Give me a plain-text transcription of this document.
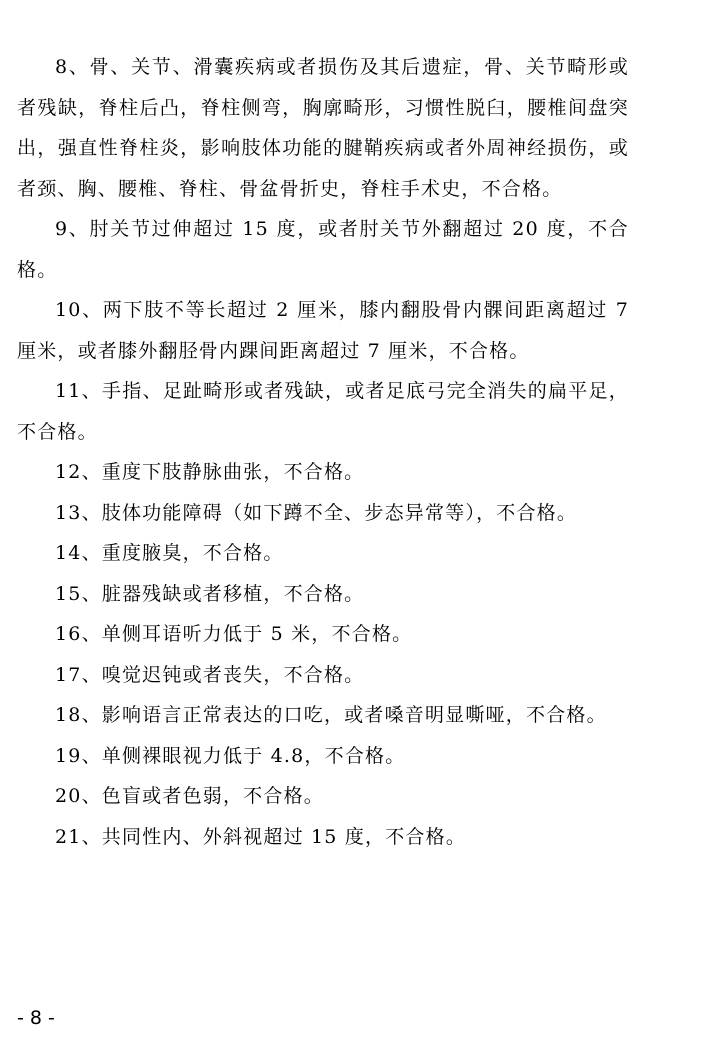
8、骨、关节、滑囊疾病或者损伤及其后遗症，骨、关节畸形或者残缺，脊柱后凸，脊柱侧弯，胸廓畸形，习惯性脱臼，腰椎间盘突出，强直性脊柱炎，影响肢体功能的腱鞘疾病或者外周神经损伤，或者颈、胸、腰椎、脊柱、骨盆骨折史，脊柱手术史，不合格。

9、肘关节过伸超过 15 度，或者肘关节外翻超过 20 度，不合格。

10、两下肢不等长超过 2 厘米，膝内翻股骨内髁间距离超过 7 厘米，或者膝外翻胫骨内踝间距离超过 7 厘米，不合格。

11、手指、足趾畸形或者残缺，或者足底弓完全消失的扁平足，不合格。

12、重度下肢静脉曲张，不合格。

13、肢体功能障碍（如下蹲不全、步态异常等），不合格。

14、重度腋臭，不合格。

15、脏器残缺或者移植，不合格。

16、单侧耳语听力低于 5 米，不合格。

17、嗅觉迟钝或者丧失，不合格。

18、影响语言正常表达的口吃，或者嗓音明显嘶哑，不合格。

19、单侧裸眼视力低于 4.8，不合格。

20、色盲或者色弱，不合格。

21、共同性内、外斜视超过 15 度，不合格。

- 8 -
